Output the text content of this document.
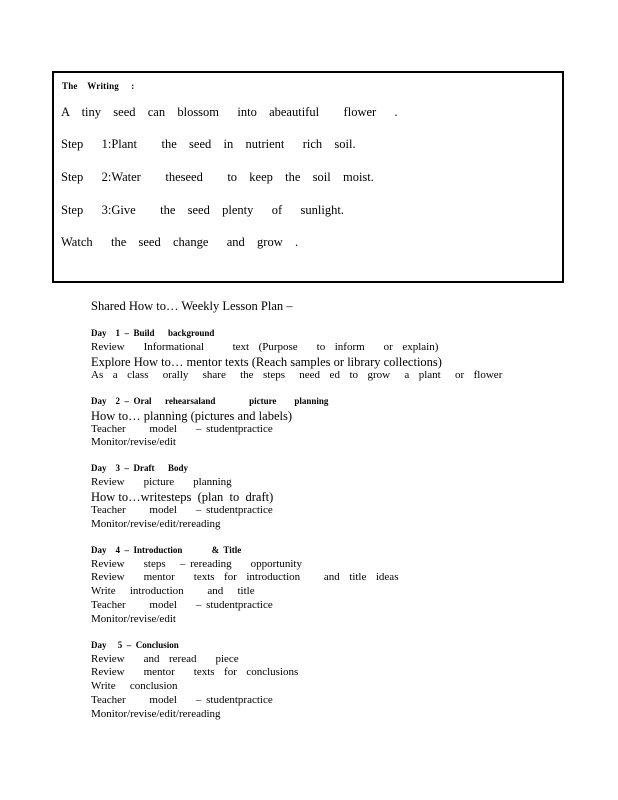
The    Writing     :
A  tiny  seed  can  blossom   into  abeautiful    flower   .
Step   1:Plant    the  seed  in  nutrient   rich  soil.
Step   2:Water    theseed    to  keep  the  soil  moist.
Step   3:Give    the  seed  plenty   of   sunlight.
Watch   the  seed  change   and  grow  .
Shared How to… Weekly Lesson Plan –
Day    1  –  Build      background
Review    Informational      text  (Purpose    to  inform    or  explain)
Explore How to… mentor texts (Reach samples or library collections)
As  a  class   orally   share   the  steps   need  ed  to  grow   a  plant   or  flower
Day    2  –  Oral      rehearsaland               picture        planning
How to… planning (pictures and labels)
Teacher     model    – studentpractice
Monitor/revise/edit
Day    3  –  Draft      Body
Review    picture    planning
How to…writesteps  (plan  to  draft)
Teacher     model    – studentpractice
Monitor/revise/edit/rereading
Day    4  –  Introduction             &  Title
Review    steps   – rereading    opportunity
Review    mentor    texts  for  introduction     and  title  ideas
Write   introduction     and   title
Teacher     model    – studentpractice
Monitor/revise/edit
Day     5  –  Conclusion
Review    and  reread    piece
Review    mentor    texts  for  conclusions
Write   conclusion
Teacher     model    – studentpractice
Monitor/revise/edit/rereading
